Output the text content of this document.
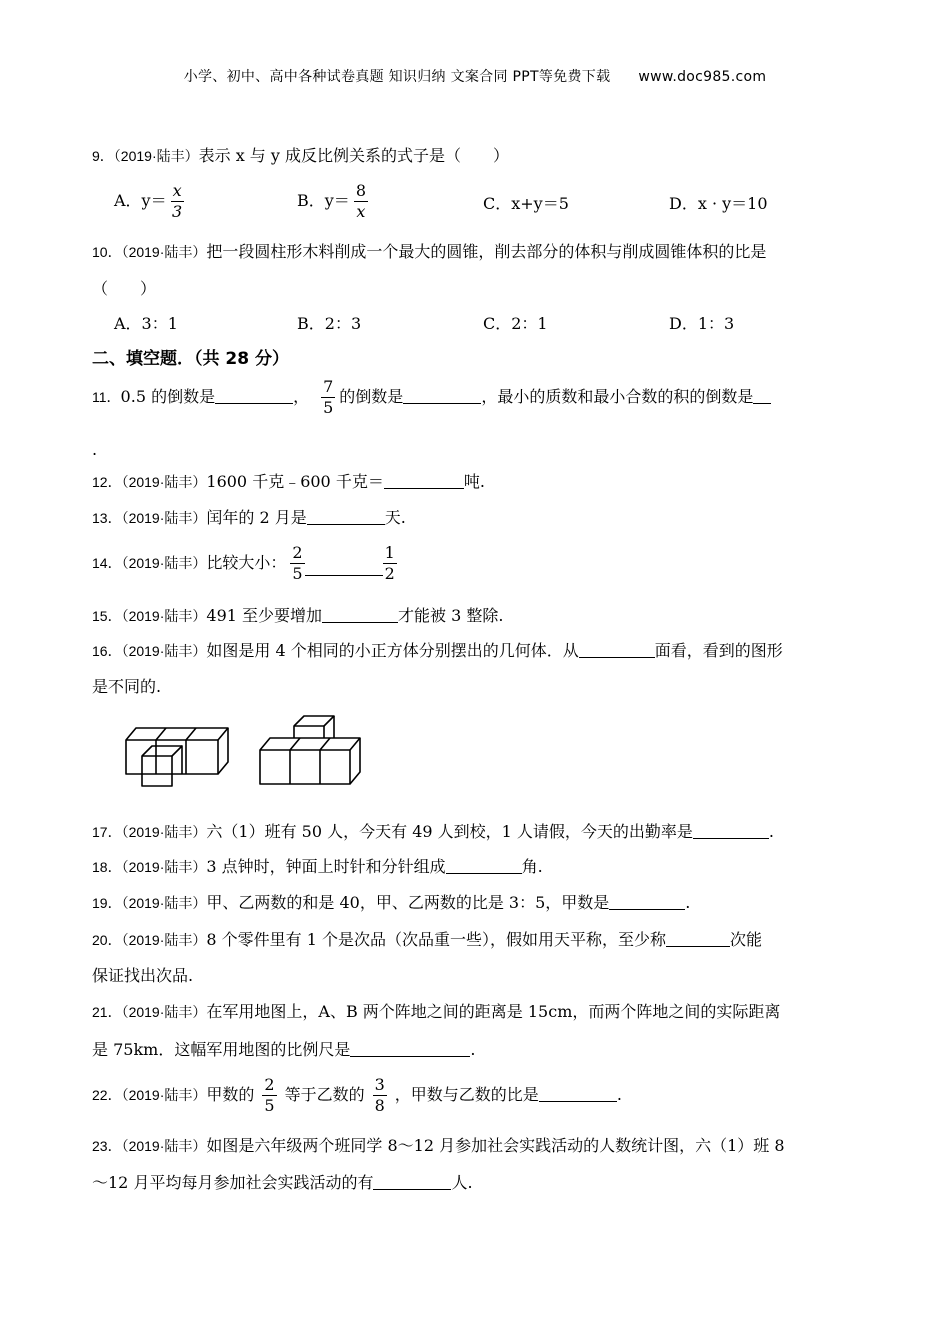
小学、初中、高中各种试卷真题 知识归纳 文案合同 PPT等免费下载 www.doc985.com
9．（2019·陆丰）表示 x 与 y 成反比例关系的式子是（　　）
A．$y= \frac{x}{3}$	B．$y= \frac{8}{x}$	C．x+y＝5	D．x · y＝10
10．（2019·陆丰）把一段圆柱形木料削成一个最大的圆锥，削去部分的体积与削成圆锥体积的比是
（　　）
A．3：1	B．2：3	C．2：1	D．1：3
二、填空题．（共 28 分）
11．0.5 的倒数是	， $\frac{7}{5}$ 的倒数是	，最小的质数和最小合数的积的倒数是
.
12．（2019·陆丰）1600 千克﹣600 千克＝	吨.
13．（2019·陆丰）闰年的 2 月是	天.
14．（2019·陆丰）比较大小： $\frac{2}{5}$	$\frac{1}{2}$
15．（2019·陆丰）491 至少要增加	才能被 3 整除.
16．（2019·陆丰）如图是用 4 个相同的小正方体分别摆出的几何体．从	面看，看到的图形
是不同的.
17．（2019·陆丰）六（1）班有 50 人，今天有 49 人到校，1 人请假，今天的出勤率是	.
18．（2019·陆丰）3 点钟时，钟面上时针和分针组成	角.
19．（2019·陆丰）甲、乙两数的和是 40，甲、乙两数的比是 3：5，甲数是	.
20．（2019·陆丰）8 个零件里有 1 个是次品（次品重一些），假如用天平称，至少称	次能
保证找出次品.
21．（2019·陆丰）在军用地图上，A、B 两个阵地之间的距离是 15cm，而两个阵地之间的实际距离
是 75km．这幅军用地图的比例尺是	.
22．（2019·陆丰）甲数的 $\frac{2}{5}$ 等于乙数的 $\frac{3}{8}$ ，甲数与乙数的比是	.
23．（2019·陆丰）如图是六年级两个班同学 8～12 月参加社会实践活动的人数统计图，六（1）班 8
～12 月平均每月参加社会实践活动的有	人.
